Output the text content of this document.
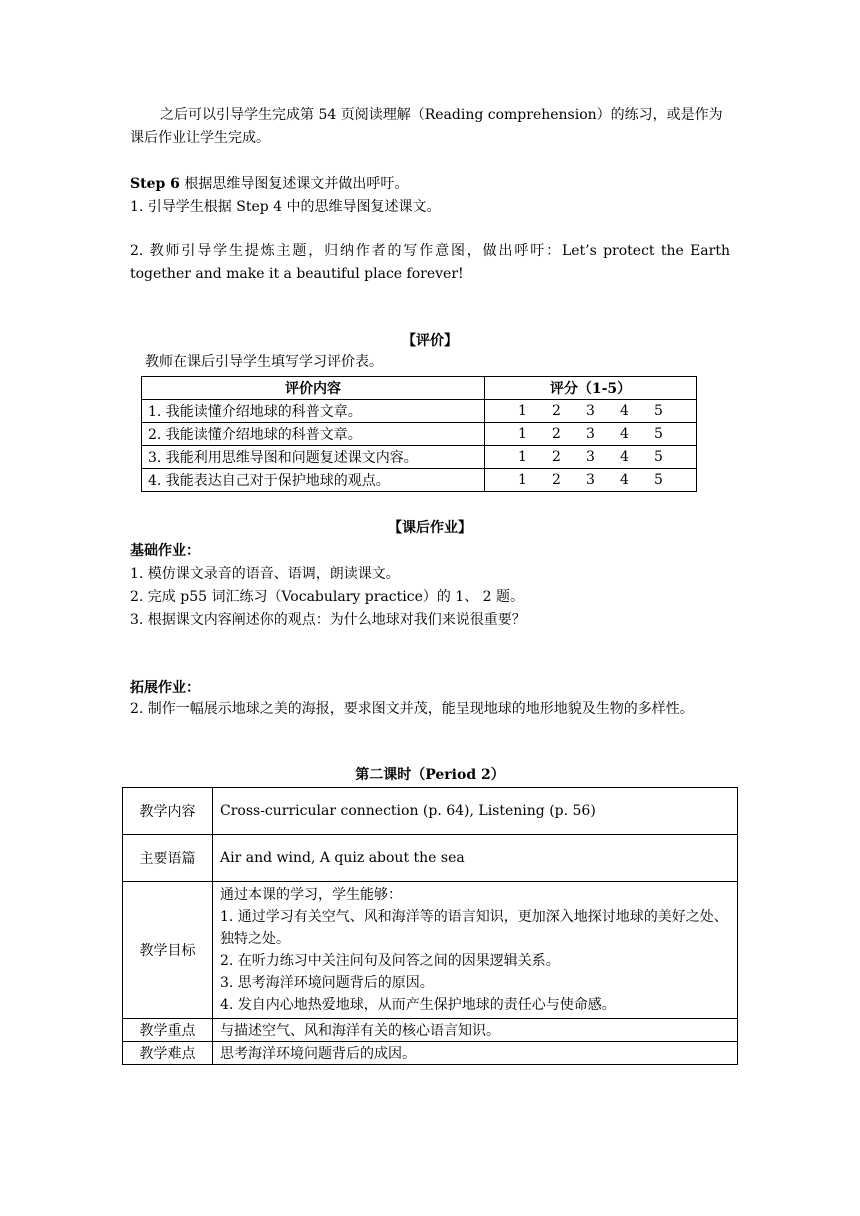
之后可以引导学生完成第 54 页阅读理解（Reading comprehension）的练习，或是作为课后作业让学生完成。

Step 6 根据思维导图复述课文并做出呼吁。

1. 引导学生根据 Step 4 中的思维导图复述课文。

2. 教师引导学生提炼主题，归纳作者的写作意图，做出呼吁：Let’s protect the Earth together and make it a beautiful place forever!

【评价】
教师在课后引导学生填写学习评价表。
评价内容	评分（1-5）
1. 我能读懂介绍地球的科普文章。	1 2 3 4 5

2. 我能读懂介绍地球的科普文章。	1 2 3 4 5

3. 我能利用思维导图和问题复述课文内容。	1 2 3 4 5

4. 我能表达自己对于保护地球的观点。	1 2 3 4 5
【课后作业】
基础作业：

1. 模仿课文录音的语音、语调，朗读课文。

2. 完成 p55 词汇练习（Vocabulary practice）的 1、 2 题。

3. 根据课文内容阐述你的观点：为什么地球对我们来说很重要？

拓展作业：

2. 制作一幅展示地球之美的海报，要求图文并茂，能呈现地球的地形地貌及生物的多样性。

第二课时（Period 2）
教学内容	Cross-curricular connection (p. 64), Listening (p. 56)
主要语篇	Air and wind, A quiz about the sea
教学目标	通过本课的学习，学生能够：
1. 通过学习有关空气、风和海洋等的语言知识，更加深入地探讨地球的美好之处、独特之处。
2. 在听力练习中关注问句及问答之间的因果逻辑关系。
3. 思考海洋环境问题背后的原因。
4. 发自内心地热爱地球，从而产生保护地球的责任心与使命感。

教学重点	与描述空气、风和海洋有关的核心语言知识。
教学难点	思考海洋环境问题背后的成因。
